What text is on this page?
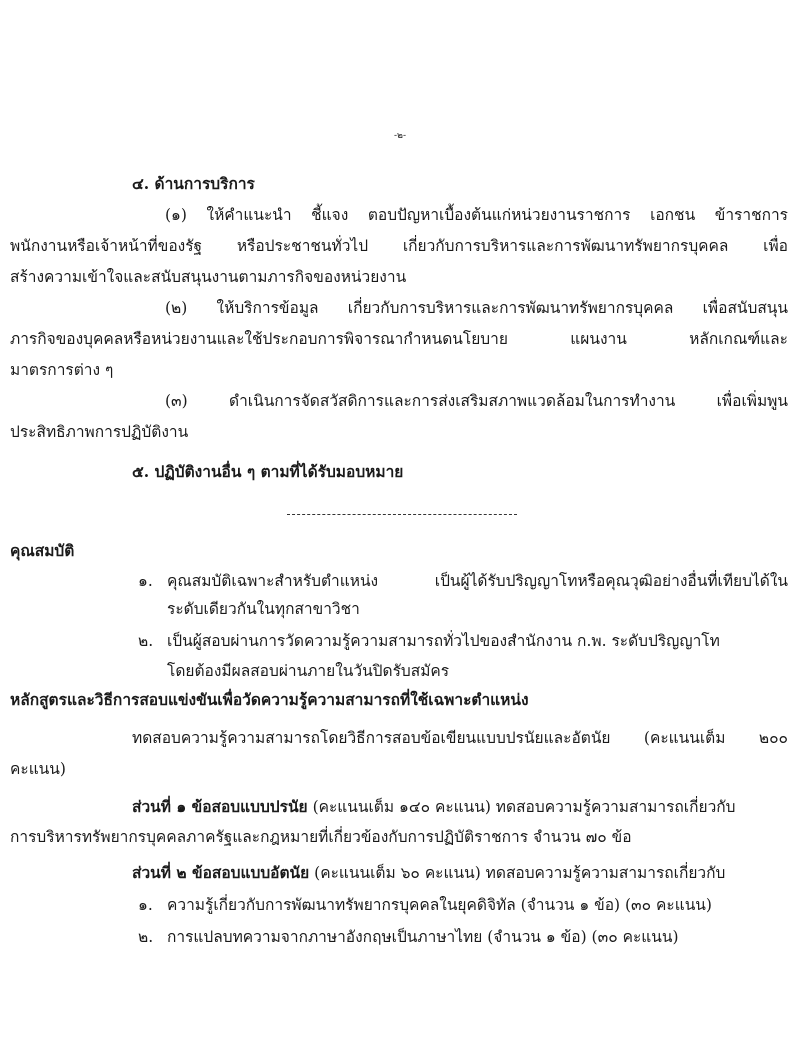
-๒-
๔. ด้านการบริการ
(๑) ให้คำแนะนำ ชี้แจง ตอบปัญหาเบื้องต้นแก่หน่วยงานราชการ เอกชน ข้าราชการ
พนักงานหรือเจ้าหน้าที่ของรัฐ หรือประชาชนทั่วไป เกี่ยวกับการบริหารและการพัฒนาทรัพยากรบุคคล เพื่อ
สร้างความเข้าใจและสนับสนุนงานตามภารกิจของหน่วยงาน
(๒) ให้บริการข้อมูล เกี่ยวกับการบริหารและการพัฒนาทรัพยากรบุคคล เพื่อสนับสนุน
ภารกิจของบุคคลหรือหน่วยงานและใช้ประกอบการพิจารณากำหนดนโยบาย แผนงาน หลักเกณฑ์และ
มาตรการต่าง ๆ
(๓) ดำเนินการจัดสวัสดิการและการส่งเสริมสภาพแวดล้อมในการทำงาน เพื่อเพิ่มพูน
ประสิทธิภาพการปฏิบัติงาน
๕. ปฏิบัติงานอื่น ๆ ตามที่ได้รับมอบหมาย
คุณสมบัติ
๑. คุณสมบัติเฉพาะสำหรับตำแหน่ง เป็นผู้ได้รับปริญญาโทหรือคุณวุฒิอย่างอื่นที่เทียบได้ใน
ระดับเดียวกันในทุกสาขาวิชา
๒. เป็นผู้สอบผ่านการวัดความรู้ความสามารถทั่วไปของสำนักงาน ก.พ. ระดับปริญญาโท
โดยต้องมีผลสอบผ่านภายในวันปิดรับสมัคร
หลักสูตรและวิธีการสอบแข่งขันเพื่อวัดความรู้ความสามารถที่ใช้เฉพาะตำแหน่ง
ทดสอบความรู้ความสามารถโดยวิธีการสอบข้อเขียนแบบปรนัยและอัตนัย (คะแนนเต็ม ๒๐๐
คะแนน)
ส่วนที่ ๑ ข้อสอบแบบปรนัย (คะแนนเต็ม ๑๔๐ คะแนน) ทดสอบความรู้ความสามารถเกี่ยวกับ
การบริหารทรัพยากรบุคคลภาครัฐและกฎหมายที่เกี่ยวข้องกับการปฏิบัติราชการ จำนวน ๗๐ ข้อ
ส่วนที่ ๒ ข้อสอบแบบอัตนัย (คะแนนเต็ม ๖๐ คะแนน) ทดสอบความรู้ความสามารถเกี่ยวกับ
๑. ความรู้เกี่ยวกับการพัฒนาทรัพยากรบุคคลในยุคดิจิทัล (จำนวน ๑ ข้อ) (๓๐ คะแนน)
๒. การแปลบทความจากภาษาอังกฤษเป็นภาษาไทย (จำนวน ๑ ข้อ) (๓๐ คะแนน)
